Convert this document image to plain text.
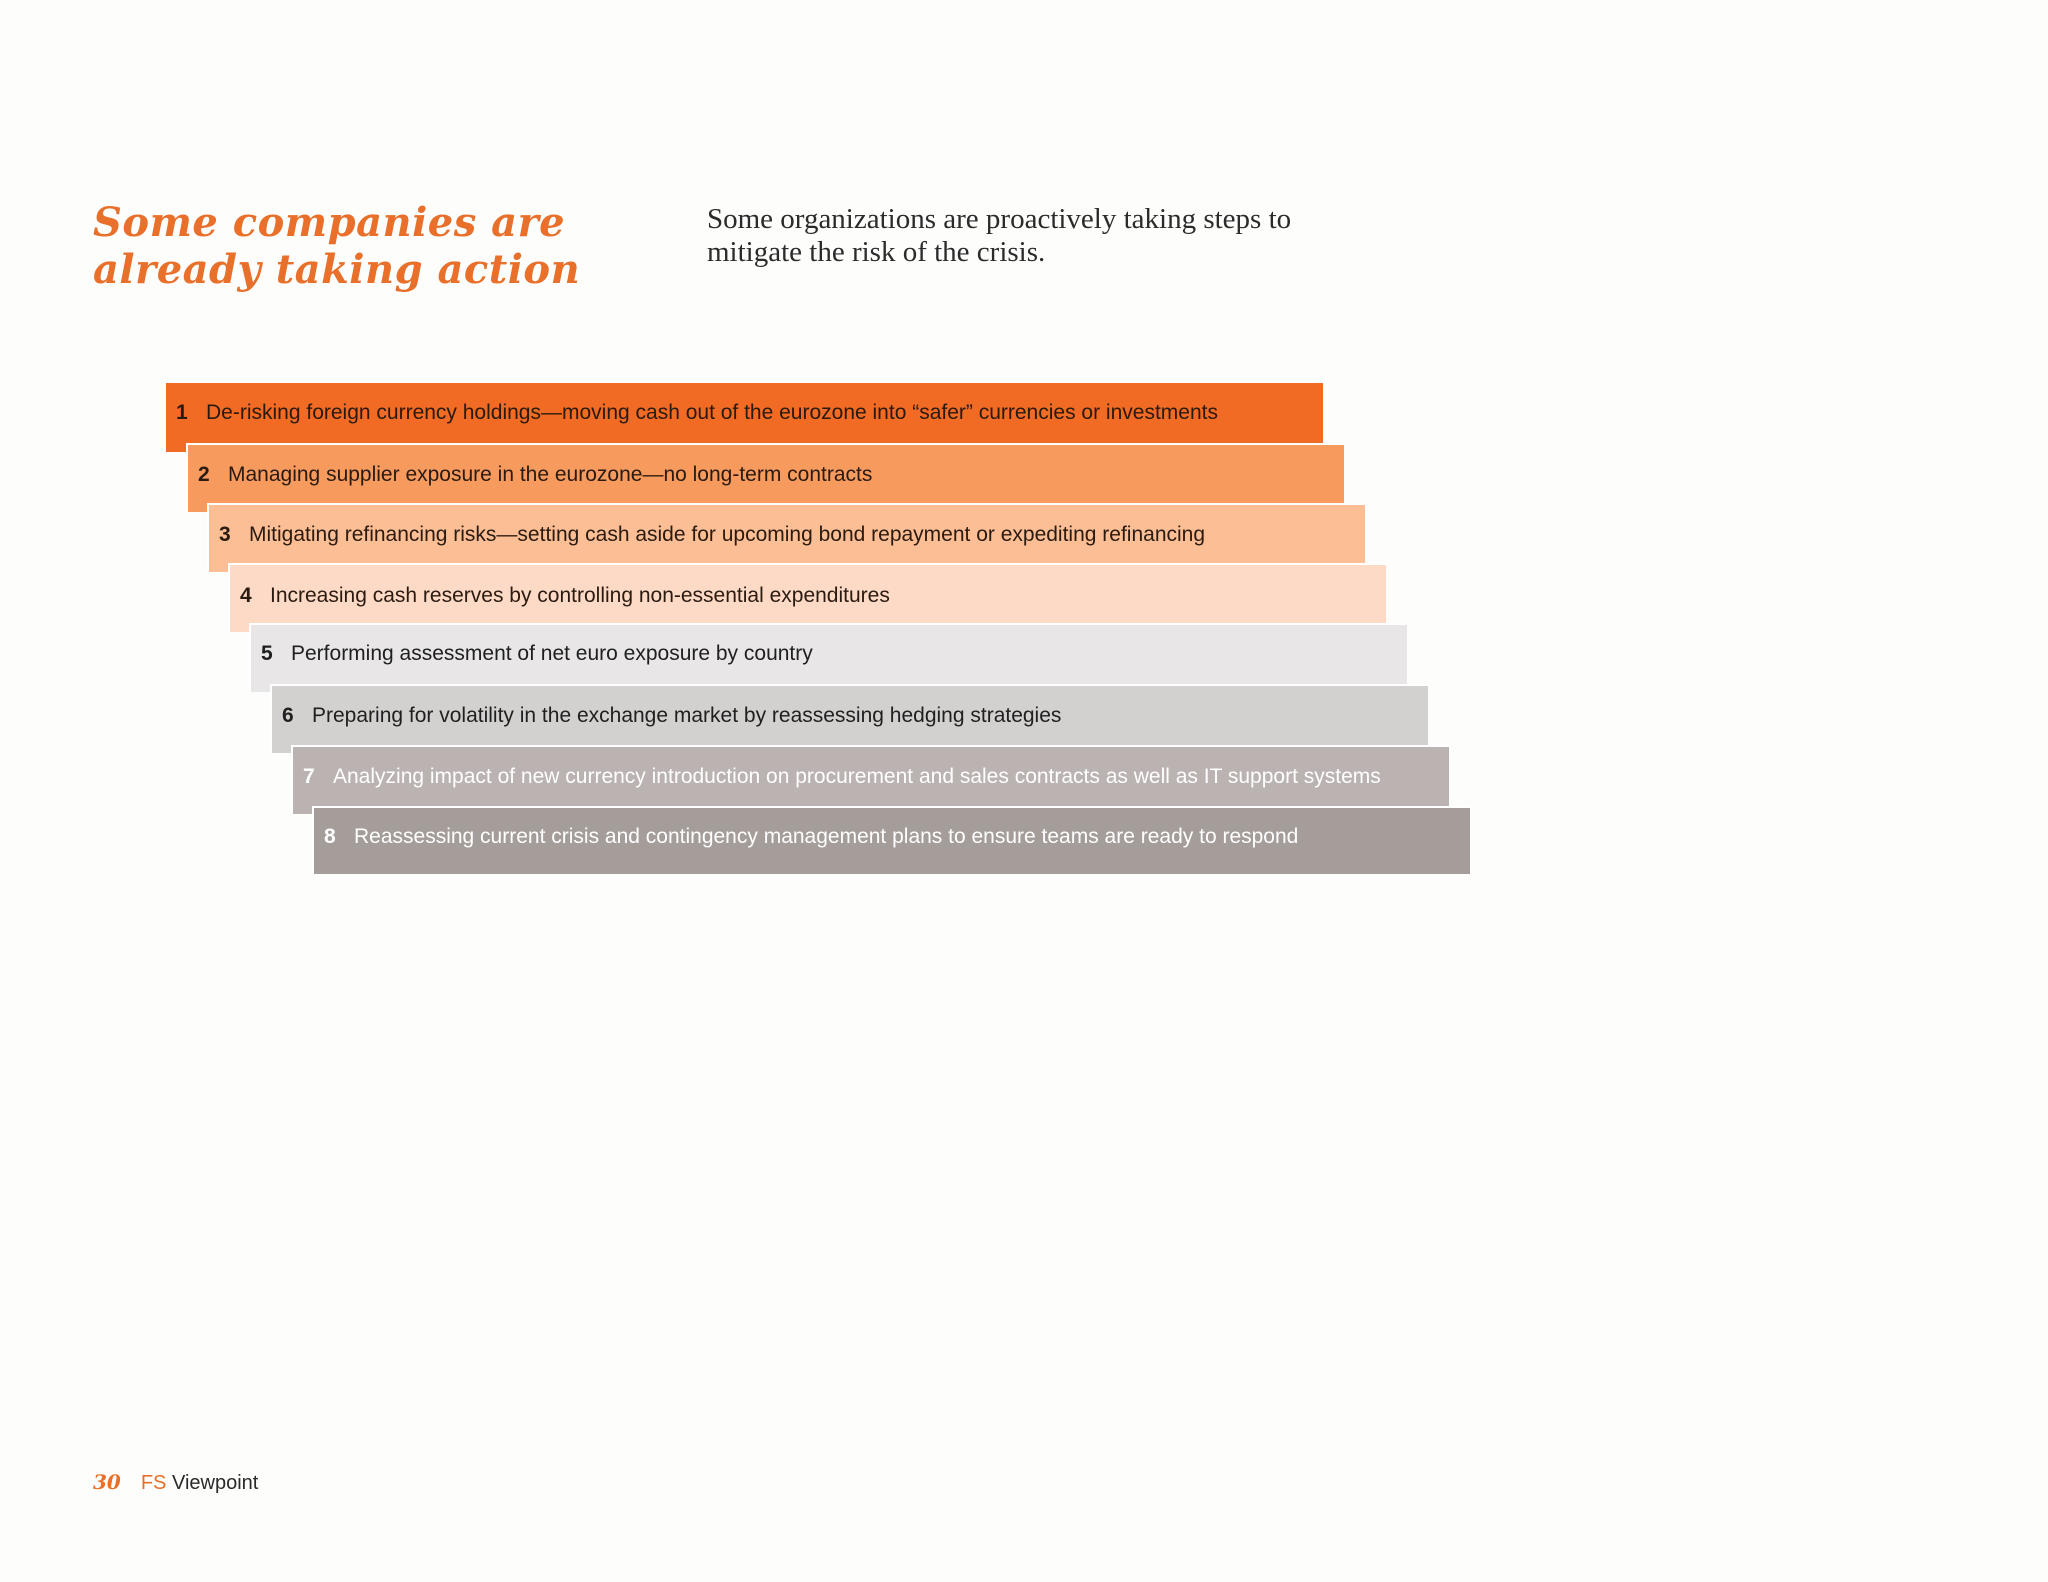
Some companies are already taking action

Some organizations are proactively taking steps to mitigate the risk of the crisis.

1 De-risking foreign currency holdings—moving cash out of the eurozone into “safer” currencies or investments
2 Managing supplier exposure in the eurozone—no long-term contracts
3 Mitigating refinancing risks—setting cash aside for upcoming bond repayment or expediting refinancing
4 Increasing cash reserves by controlling non-essential expenditures
5 Performing assessment of net euro exposure by country
6 Preparing for volatility in the exchange market by reassessing hedging strategies
7 Analyzing impact of new currency introduction on procurement and sales contracts as well as IT support systems
8 Reassessing current crisis and contingency management plans to ensure teams are ready to respond
30 FS Viewpoint
